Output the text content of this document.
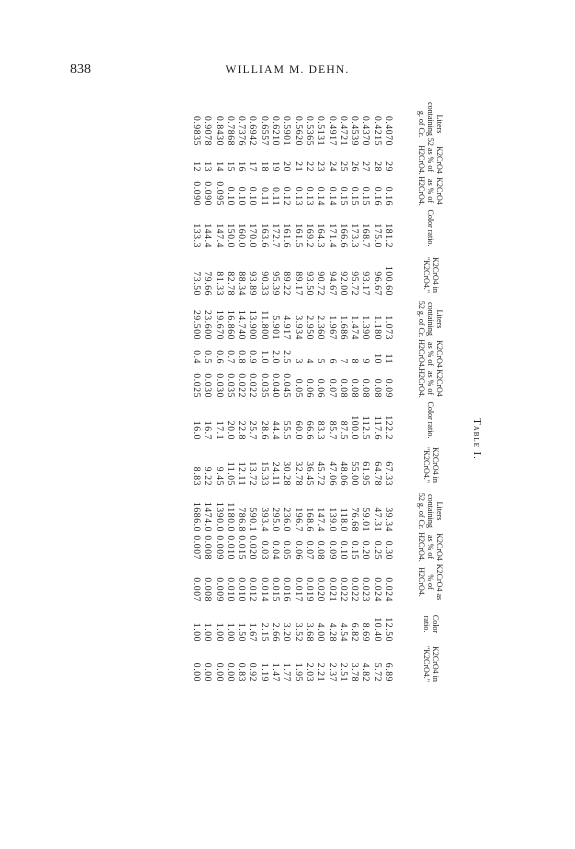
838	WILLIAM M. DEHN.
Table I.
Liters containing 52 g. of Cr.
K2CrO4 as % of H2CrO4.
K2CrO4 as % of H2CrO4.
Color ratio.
K2CrO4 in "K2CrO4."
Liters containing 52 g. of Cr.
K2CrO4 as % of H2CrO4.
K2CrO4 as % of H2CrO4.
Color ratio.
K2CrO4 in "K2CrO4."
Liters containing 52 g. of Cr.
K2CrO4 as % of H2CrO4.
K2CrO4 as % of H2CrO4.
Color ratio.
K2CrO4 in "K2CrO4."
0.4070
29
0.16
181.2
100.60
1.073
11
0.09
122.2
67.33
39.34
0.30
0.024
12.50
6.89
0.4215
28
0.16
175.0
96.67
1.180
10
0.08
117.6
64.78
47.31
0.25
0.024
10.40
5.72
0.4370
27
0.15
168.7
93.17
1.390
9
0.08
112.5
61.95
59.01
0.20
0.023
8.69
4.82
0.4539
26
0.15
173.3
95.72
1.474
8
0.08
100.0
55.00
76.68
0.15
0.022
6.82
3.78
0.4721
25
0.15
166.6
92.00
1.686
7
0.08
87.5
48.06
118.0
0.10
0.022
4.54
2.51
0.4917
24
0.14
171.4
94.67
1.967
6
0.07
85.7
47.06
139.0
0.09
0.021
4.28
2.37
0.5131
23
0.14
164.3
90.72
2.360
5
0.06
83.3
45.72
147.4
0.08
0.020
4.00
2.21
0.5365
22
0.13
169.2
93.50
2.950
4
0.06
66.6
36.45
168.6
0.07
0.019
3.68
2.03
0.5620
21
0.13
161.5
89.17
3.934
3
0.05
60.0
32.78
196.7
0.06
0.017
3.52
1.95
0.5901
20
0.12
161.6
89.22
4.917
2.5
0.045
55.5
30.28
236.0
0.05
0.016
3.20
1.77
0.6210
19
0.11
172.7
95.39
5.901
2.0
0.040
44.4
24.11
295.0
0.04
0.015
2.66
1.47
0.6557
18
0.11
163.6
90.33
11.800
1.0
0.035
28.6
15.33
393.4
0.03
0.014
2.15
1.19
0.6942
17
0.10
170.0
93.89
13.900
0.9
0.022
25.7
13.72
590.1
0.020
0.012
1.67
0.92
0.7376
16
0.10
160.0
88.34
14.740
0.8
0.022
22.8
12.11
786.8
0.015
0.010
1.50
0.83
0.7868
15
0.10
150.0
82.78
16.860
0.7
0.035
20.0
11.05
1180.0
0.010
0.010
1.00
0.00
0.8430
14
0.095
147.4
81.33
19.670
0.6
0.030
17.1
9.45
1390.0
0.009
0.009
1.00
0.00
0.9078
13
0.090
144.4
79.66
23.600
0.5
0.030
16.7
9.22
1474.0
0.008
0.008
1.00
0.00
0.9835
12
0.090
133.3
73.50
29.500
0.4
0.025
16.0
8.83
1686.0
0.007
0.007
1.00
0.00
